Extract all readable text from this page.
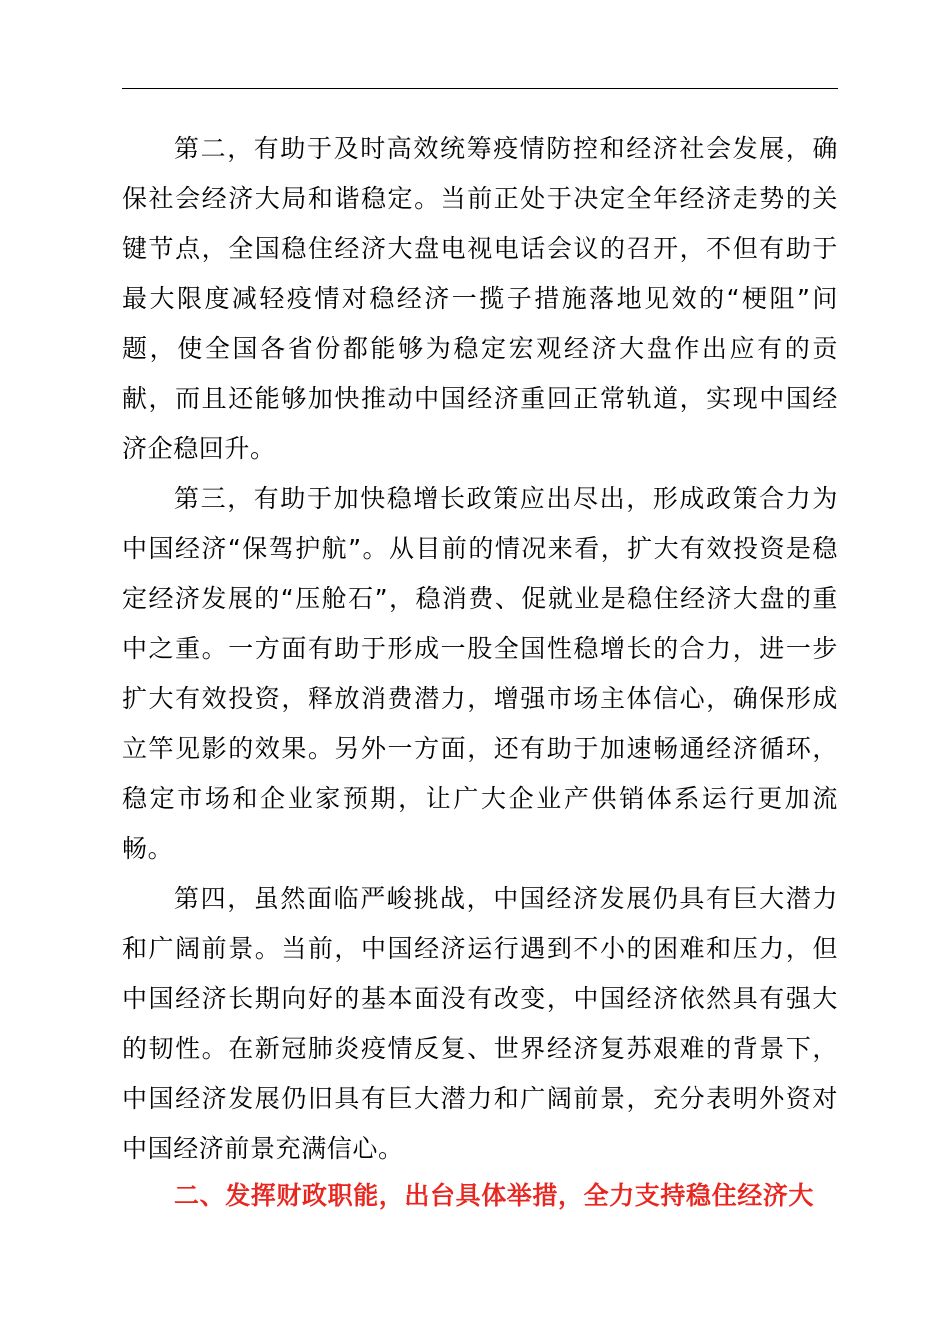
第二，有助于及时高效统筹疫情防控和经济社会发展，确保社会经济大局和谐稳定。当前正处于决定全年经济走势的关键节点，全国稳住经济大盘电视电话会议的召开，不但有助于最大限度减轻疫情对稳经济一揽子措施落地见效的“梗阻”问题，使全国各省份都能够为稳定宏观经济大盘作出应有的贡献，而且还能够加快推动中国经济重回正常轨道，实现中国经济企稳回升。

第三，有助于加快稳增长政策应出尽出，形成政策合力为中国经济“保驾护航”。从目前的情况来看，扩大有效投资是稳定经济发展的“压舱石”，稳消费、促就业是稳住经济大盘的重中之重。一方面有助于形成一股全国性稳增长的合力，进一步扩大有效投资，释放消费潜力，增强市场主体信心，确保形成立竿见影的效果。另外一方面，还有助于加速畅通经济循环，稳定市场和企业家预期，让广大企业产供销体系运行更加流畅。

第四，虽然面临严峻挑战，中国经济发展仍具有巨大潜力和广阔前景。当前，中国经济运行遇到不小的困难和压力，但中国经济长期向好的基本面没有改变，中国经济依然具有强大的韧性。在新冠肺炎疫情反复、世界经济复苏艰难的背景下，中国经济发展仍旧具有巨大潜力和广阔前景，充分表明外资对中国经济前景充满信心。

二、发挥财政职能，出台具体举措，全力支持稳住经济大
